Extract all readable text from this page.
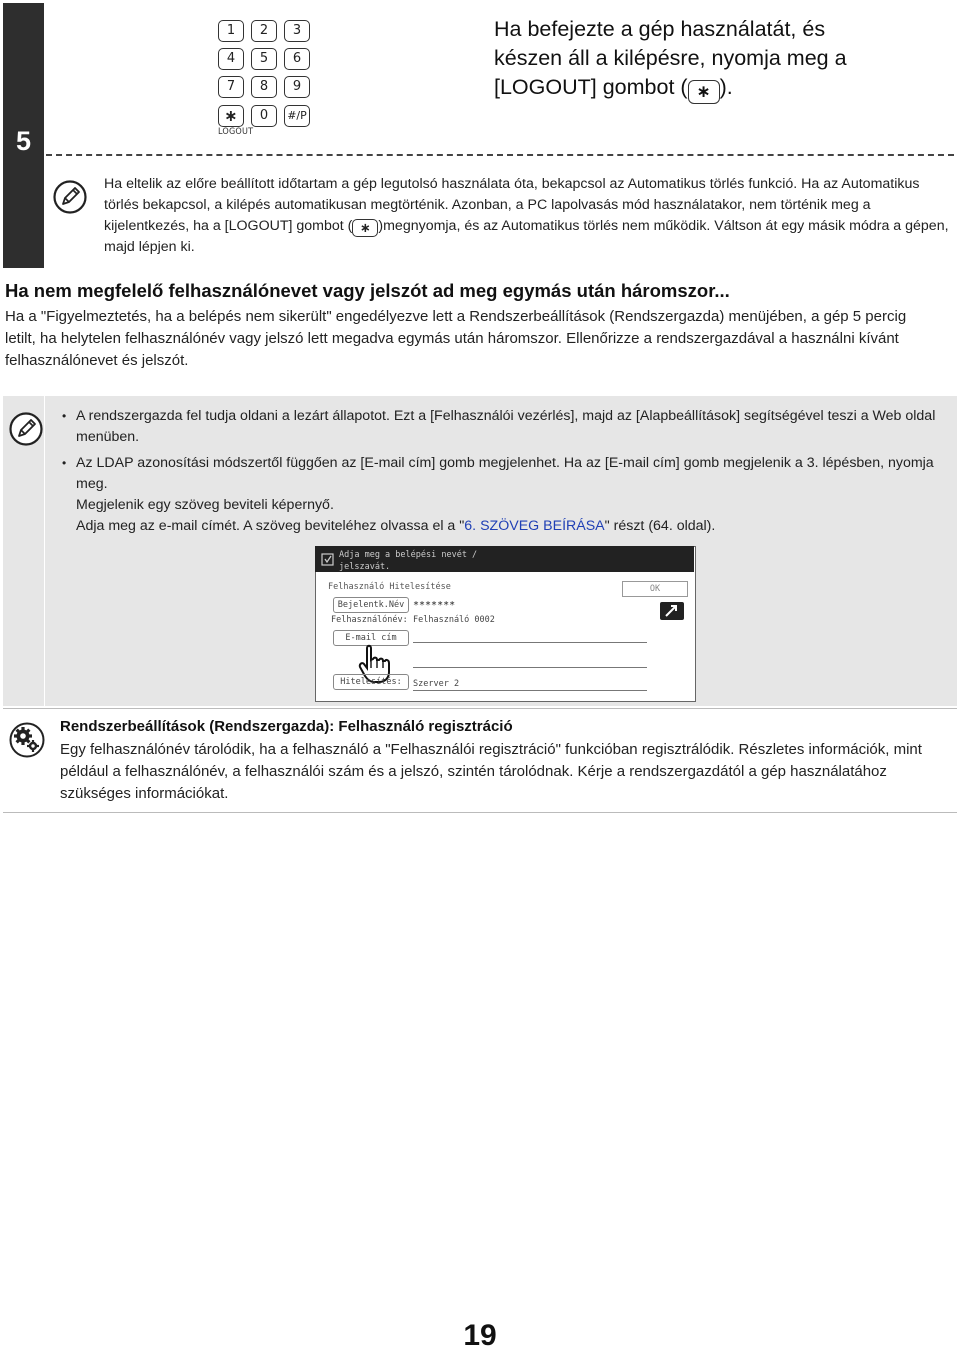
5
1	2	3
4	5	6
7	8	9
∗	0	#/P
LOGOUT
Ha befejezte a gép használatát, és
készen áll a kilépésre, nyomja meg a
[LOGOUT] gombot ( ∗ ).
Ha eltelik az előre beállított időtartam a gép legutolsó használata óta, bekapcsol az Automatikus törlés funkció. Ha az Automatikus törlés bekapcsol, a kilépés automatikusan megtörténik. Azonban, a PC lapolvasás mód használatakor, nem történik meg a kijelentkezés, ha a [LOGOUT] gombot ( ∗ )megnyomja, és az Automatikus törlés nem működik. Váltson át egy másik módra a gépen, majd lépjen ki.
Ha nem megfelelő felhasználónevet vagy jelszót ad meg egymás után háromszor...
Ha a "Figyelmeztetés, ha a belépés nem sikerült" engedélyezve lett a Rendszerbeállítások (Rendszergazda) menüjében, a gép 5 percig letilt, ha helytelen felhasználónév vagy jelszó lett megadva egymás után háromszor. Ellenőrizze a rendszergazdával a használni kívánt felhasználónevet és jelszót.
• A rendszergazda fel tudja oldani a lezárt állapotot. Ezt a [Felhasználói vezérlés], majd az [Alapbeállítások] segítségével teszi a Web oldal menüben.
• Az LDAP azonosítási módszertől függően az [E-mail cím] gomb megjelenhet. Ha az [E-mail cím] gomb megjelenik a 3. lépésben, nyomja meg.
Megjelenik egy szöveg beviteli képernyő.
Adja meg az e-mail címét. A szöveg beviteléhez olvassa el a "6. SZÖVEG BEÍRÁSA" részt (64. oldal).
Adja meg a belépési nevét / jelszavát.
Felhasználó Hitelesítése	OK
Bejelentk.Név *******
Felhasználónév: Felhasználó 0002
E-mail cím
Hitelesítés:	Szerver 2
Rendszerbeállítások (Rendszergazda): Felhasználó regisztráció
Egy felhasználónév tárolódik, ha a felhasználó a "Felhasználói regisztráció" funkcióban regisztrálódik. Részletes információk, mint például a felhasználónév, a felhasználói szám és a jelszó, szintén tárolódnak. Kérje a rendszergazdától a gép használatához szükséges információkat.
19
